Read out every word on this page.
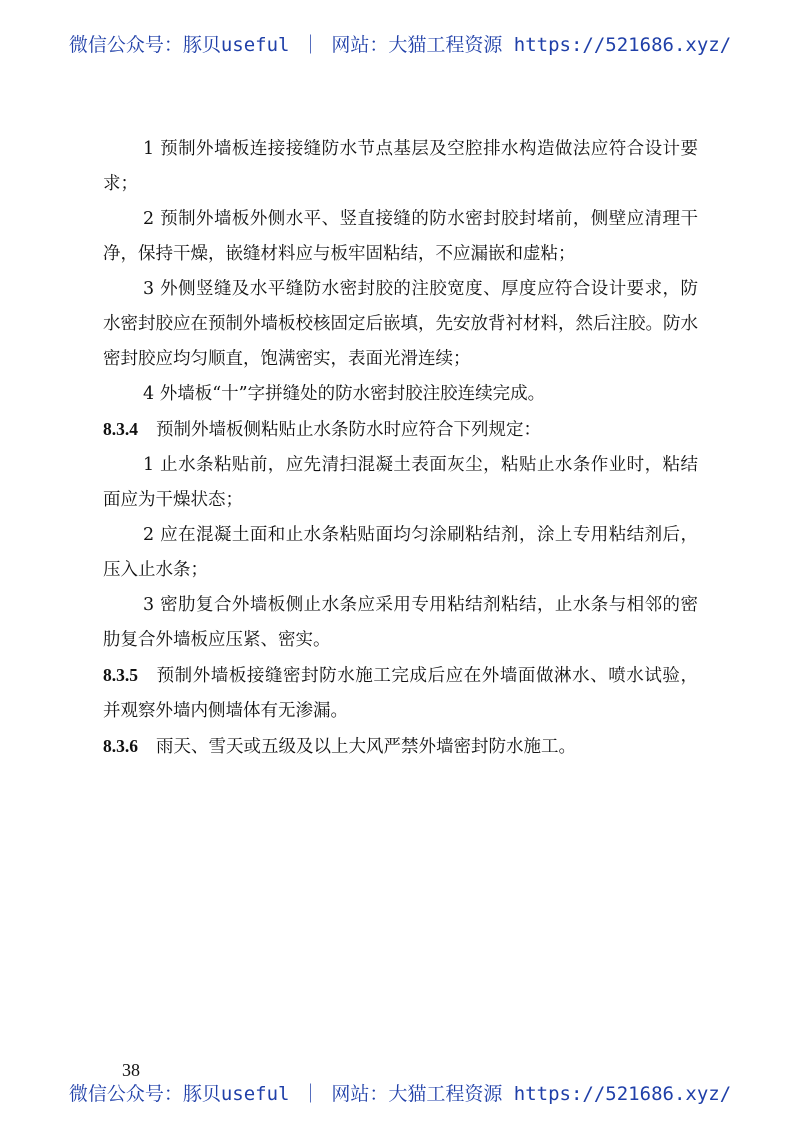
微信公众号：豚贝useful ｜ 网站：大猫工程资源 https://521686.xyz/

1 预制外墙板连接接缝防水节点基层及空腔排水构造做法应符合设计要求；

2 预制外墙板外侧水平、竖直接缝的防水密封胶封堵前，侧壁应清理干净，保持干燥，嵌缝材料应与板牢固粘结，不应漏嵌和虚粘；

3 外侧竖缝及水平缝防水密封胶的注胶宽度、厚度应符合设计要求，防水密封胶应在预制外墙板校核固定后嵌填，先安放背衬材料，然后注胶。防水密封胶应均匀顺直，饱满密实，表面光滑连续；

4 外墙板“十”字拼缝处的防水密封胶注胶连续完成。

8.3.4 预制外墙板侧粘贴止水条防水时应符合下列规定：

1 止水条粘贴前，应先清扫混凝土表面灰尘，粘贴止水条作业时，粘结面应为干燥状态；

2 应在混凝土面和止水条粘贴面均匀涂刷粘结剂，涂上专用粘结剂后，压入止水条；

3 密肋复合外墙板侧止水条应采用专用粘结剂粘结，止水条与相邻的密肋复合外墙板应压紧、密实。

8.3.5 预制外墙板接缝密封防水施工完成后应在外墙面做淋水、喷水试验，并观察外墙内侧墙体有无渗漏。

8.3.6 雨天、雪天或五级及以上大风严禁外墙密封防水施工。

38
微信公众号：豚贝useful ｜ 网站：大猫工程资源 https://521686.xyz/
